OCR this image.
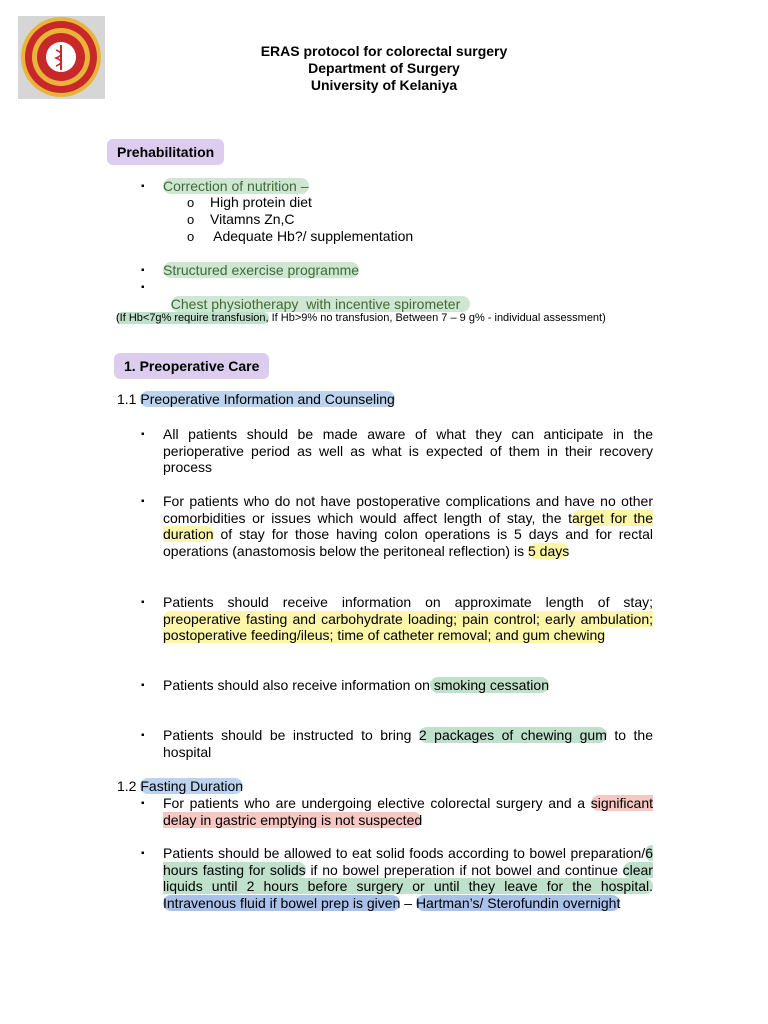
ERAS protocol for colorectal surgery
Department of Surgery
University of Kelaniya
Prehabilitation
▪ Correction of nutrition –
o High protein diet
o Vitamns Zn,C
o Adequate Hb?/ supplementation
▪ Structured exercise programme
▪

Chest physiotherapy  with incentive spirometer

(If Hb<7g% require transfusion, If Hb>9% no transfusion, Between 7 – 9 g% - individual assessment)
1. Preoperative Care
1.1 Preoperative Information and Counseling
▪ All patients should be made aware of what they can anticipate in the perioperative period as well as what is expected of them in their recovery process
▪ For patients who do not have postoperative complications and have no other comorbidities or issues which would affect length of stay, the target for the duration of stay for those having colon operations is 5 days and for rectal operations (anastomosis below the peritoneal reflection) is 5 days
▪ Patients should receive information on approximate length of stay; preoperative fasting and carbohydrate loading; pain control; early ambulation; postoperative feeding/ileus; time of catheter removal; and gum chewing
▪ Patients should also receive information on smoking cessation
▪ Patients should be instructed to bring 2 packages of chewing gum to the hospital
1.2 Fasting Duration
▪ For patients who are undergoing elective colorectal surgery and a significant delay in gastric emptying is not suspected
▪ Patients should be allowed to eat solid foods according to bowel preparation/6 hours fasting for solids if no bowel preperation if not bowel and continue clear liquids until 2 hours before surgery or until they leave for the hospital. Intravenous fluid if bowel prep is given – Hartman’s/ Sterofundin overnight
